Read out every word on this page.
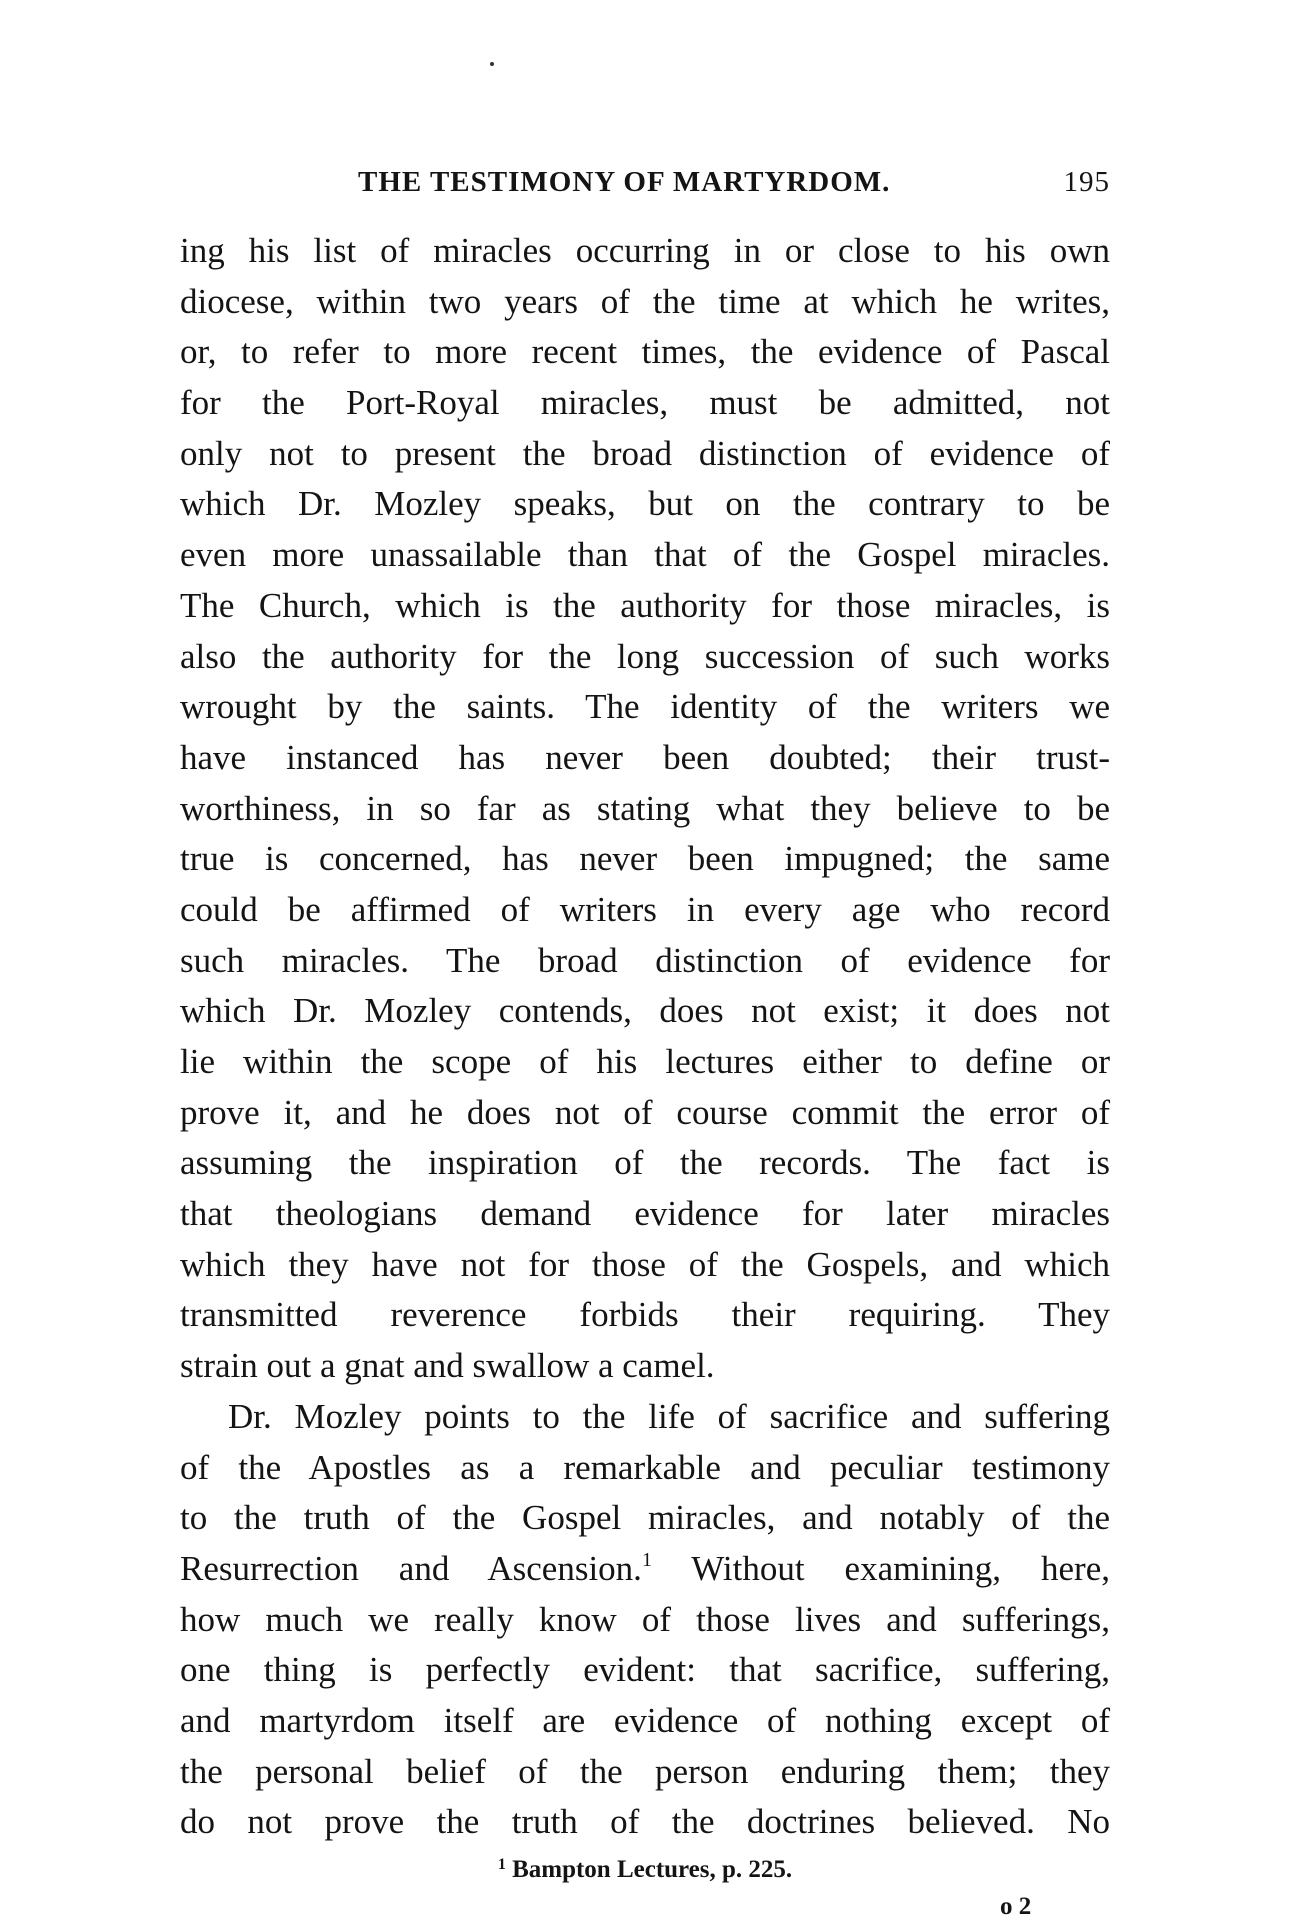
THE TESTIMONY OF MARTYRDOM.	195
ing his list of miracles occurring in or close to his own
diocese, within two years of the time at which he writes,
or, to refer to more recent times, the evidence of Pascal
for the Port-Royal miracles, must be admitted, not
only not to present the broad distinction of evidence of
which Dr. Mozley speaks, but on the contrary to be
even more unassailable than that of the Gospel miracles.
The Church, which is the authority for those miracles, is
also the authority for the long succession of such works
wrought by the saints. The identity of the writers we
have instanced has never been doubted; their trust-
worthiness, in so far as stating what they believe to be
true is concerned, has never been impugned; the same
could be affirmed of writers in every age who record
such miracles. The broad distinction of evidence for
which Dr. Mozley contends, does not exist; it does not
lie within the scope of his lectures either to define or
prove it, and he does not of course commit the error of
assuming the inspiration of the records. The fact is
that theologians demand evidence for later miracles
which they have not for those of the Gospels, and which
transmitted reverence forbids their requiring. They
strain out a gnat and swallow a camel.
Dr. Mozley points to the life of sacrifice and suffering
of the Apostles as a remarkable and peculiar testimony
to the truth of the Gospel miracles, and notably of the
Resurrection and Ascension.$^1$ Without examining, here,
how much we really know of those lives and sufferings,
one thing is perfectly evident: that sacrifice, suffering,
and martyrdom itself are evidence of nothing except of
the personal belief of the person enduring them; they
do not prove the truth of the doctrines believed. No
$^1$ Bampton Lectures, p. 225.
o 2
